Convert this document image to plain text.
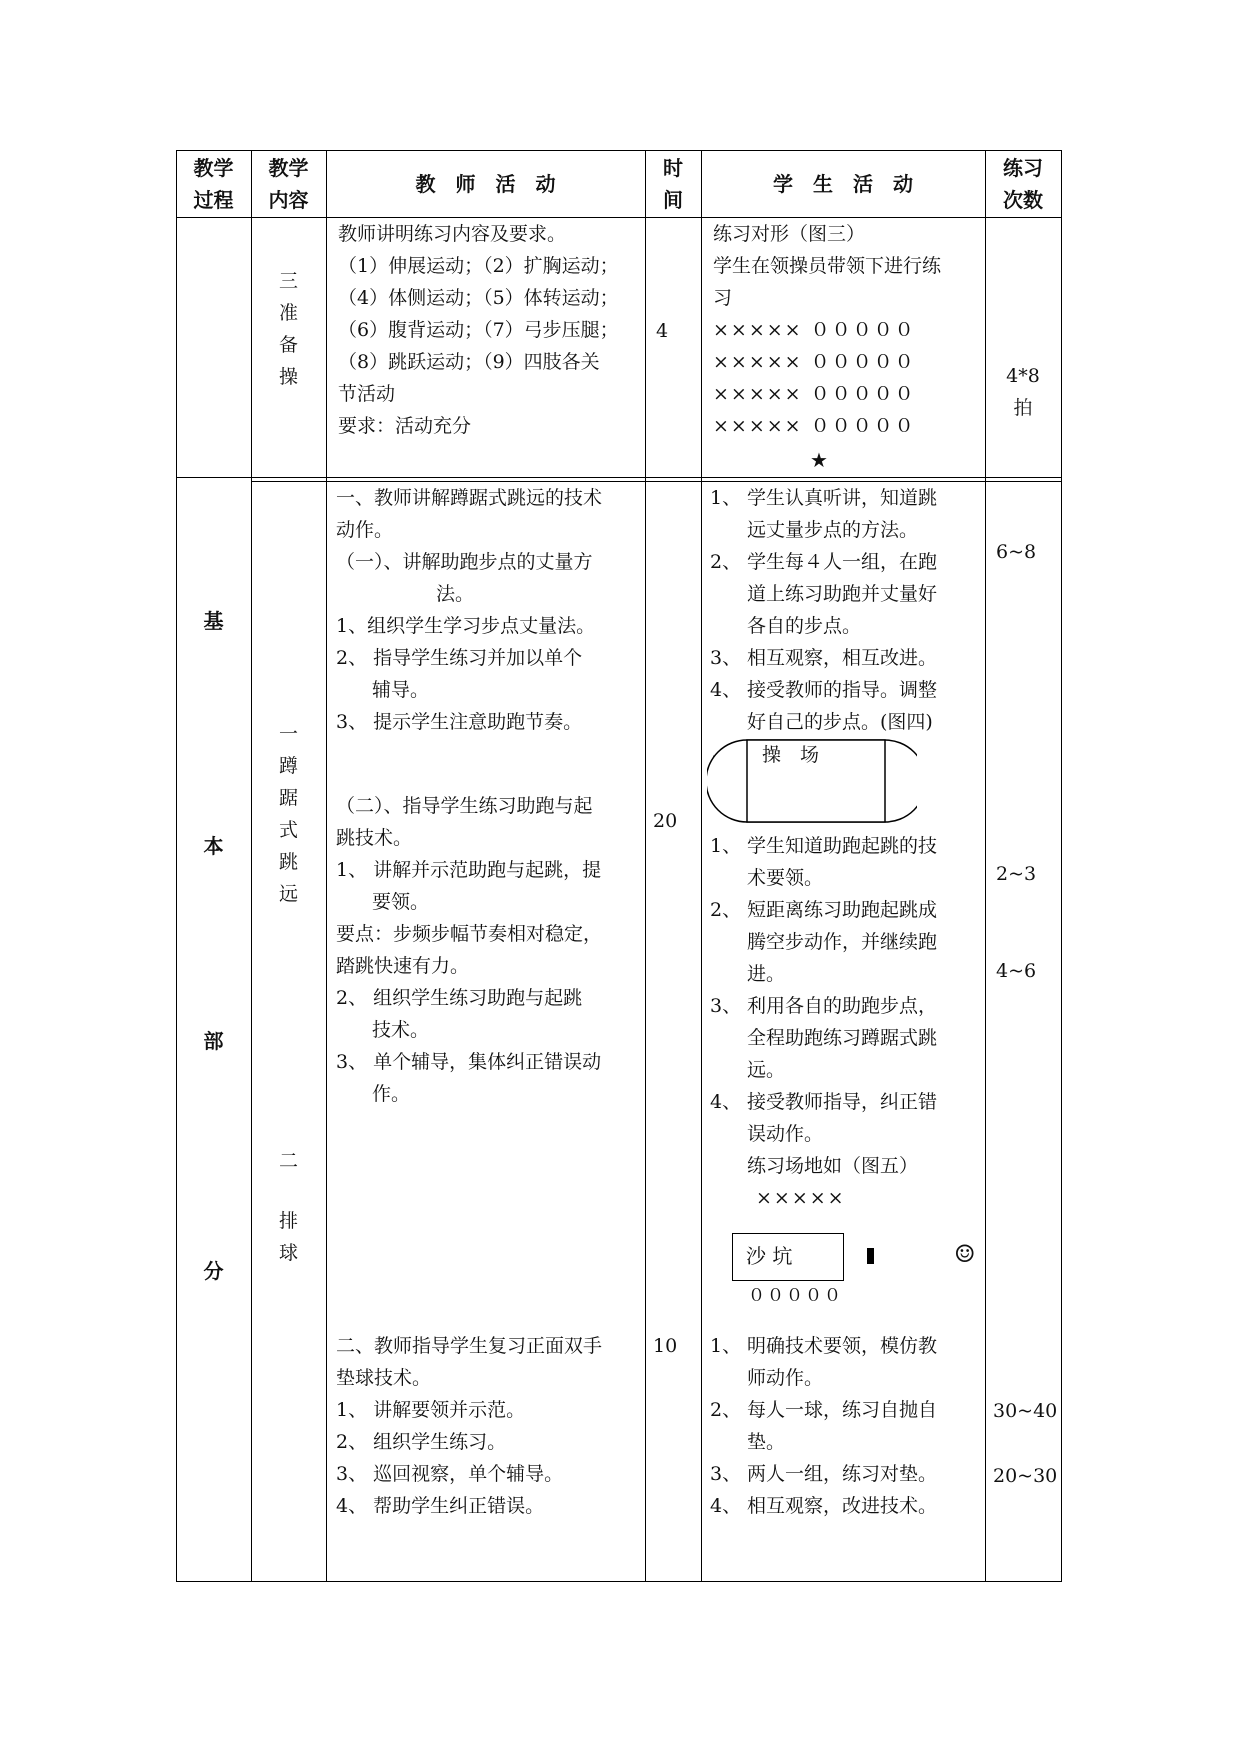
教学
过程
教学
内容
教　师　活　动
时
间
学　生　活　动
练习
次数
三
准
备
操
教师讲明练习内容及要求。
（1）伸展运动；（2）扩胸运动；
（4）体侧运动；（5）体转运动；
（6）腹背运动；（7）弓步压腿；
（8）跳跃运动；（9）四肢各关
节活动
要求：活动充分
4
练习对形（图三）
学生在领操员带领下进行练
习
××××× ０００００
××××× ０００００
××××× ０００００
××××× ０００００
★
4*8
拍
基
本
部
分
一
蹲
踞
式
跳
远
二
排
球
一、教师讲解蹲踞式跳远的技术
动作。
（一）、讲解助跑步点的丈量方
法。
1、组织学生学习步点丈量法。
2、 指导学生练习并加以单个
辅导。
3、 提示学生注意助跑节奏。
（二）、指导学生练习助跑与起
跳技术。
1、 讲解并示范助跑与起跳，提
要领。
要点：步频步幅节奏相对稳定，
踏跳快速有力。
2、 组织学生练习助跑与起跳
技术。
3、 单个辅导，集体纠正错误动
作。
二、教师指导学生复习正面双手
垫球技术。
1、 讲解要领并示范。
2、 组织学生练习。
3、 巡回视察，单个辅导。
4、 帮助学生纠正错误。
20
10
1、 学生认真听讲，知道跳
远丈量步点的方法。
2、 学生每４人一组，在跑
道上练习助跑并丈量好
各自的步点。
3、 相互观察，相互改进。
4、 接受教师的指导。调整
好自己的步点。(图四)
操　场
1、 学生知道助跑起跳的技
术要领。
2、 短距离练习助跑起跳成
腾空步动作，并继续跑
进。
3、 利用各自的助跑步点，
全程助跑练习蹲踞式跳
远。
4、 接受教师指导，纠正错
误动作。
练习场地如（图五）
×××××
沙 坑	☺
０００００
1、 明确技术要领，模仿教
师动作。
2、 每人一球，练习自抛自
垫。
3、 两人一组，练习对垫。
4、 相互观察，改进技术。
6~8
2~3
4~6
30~40
20~30
